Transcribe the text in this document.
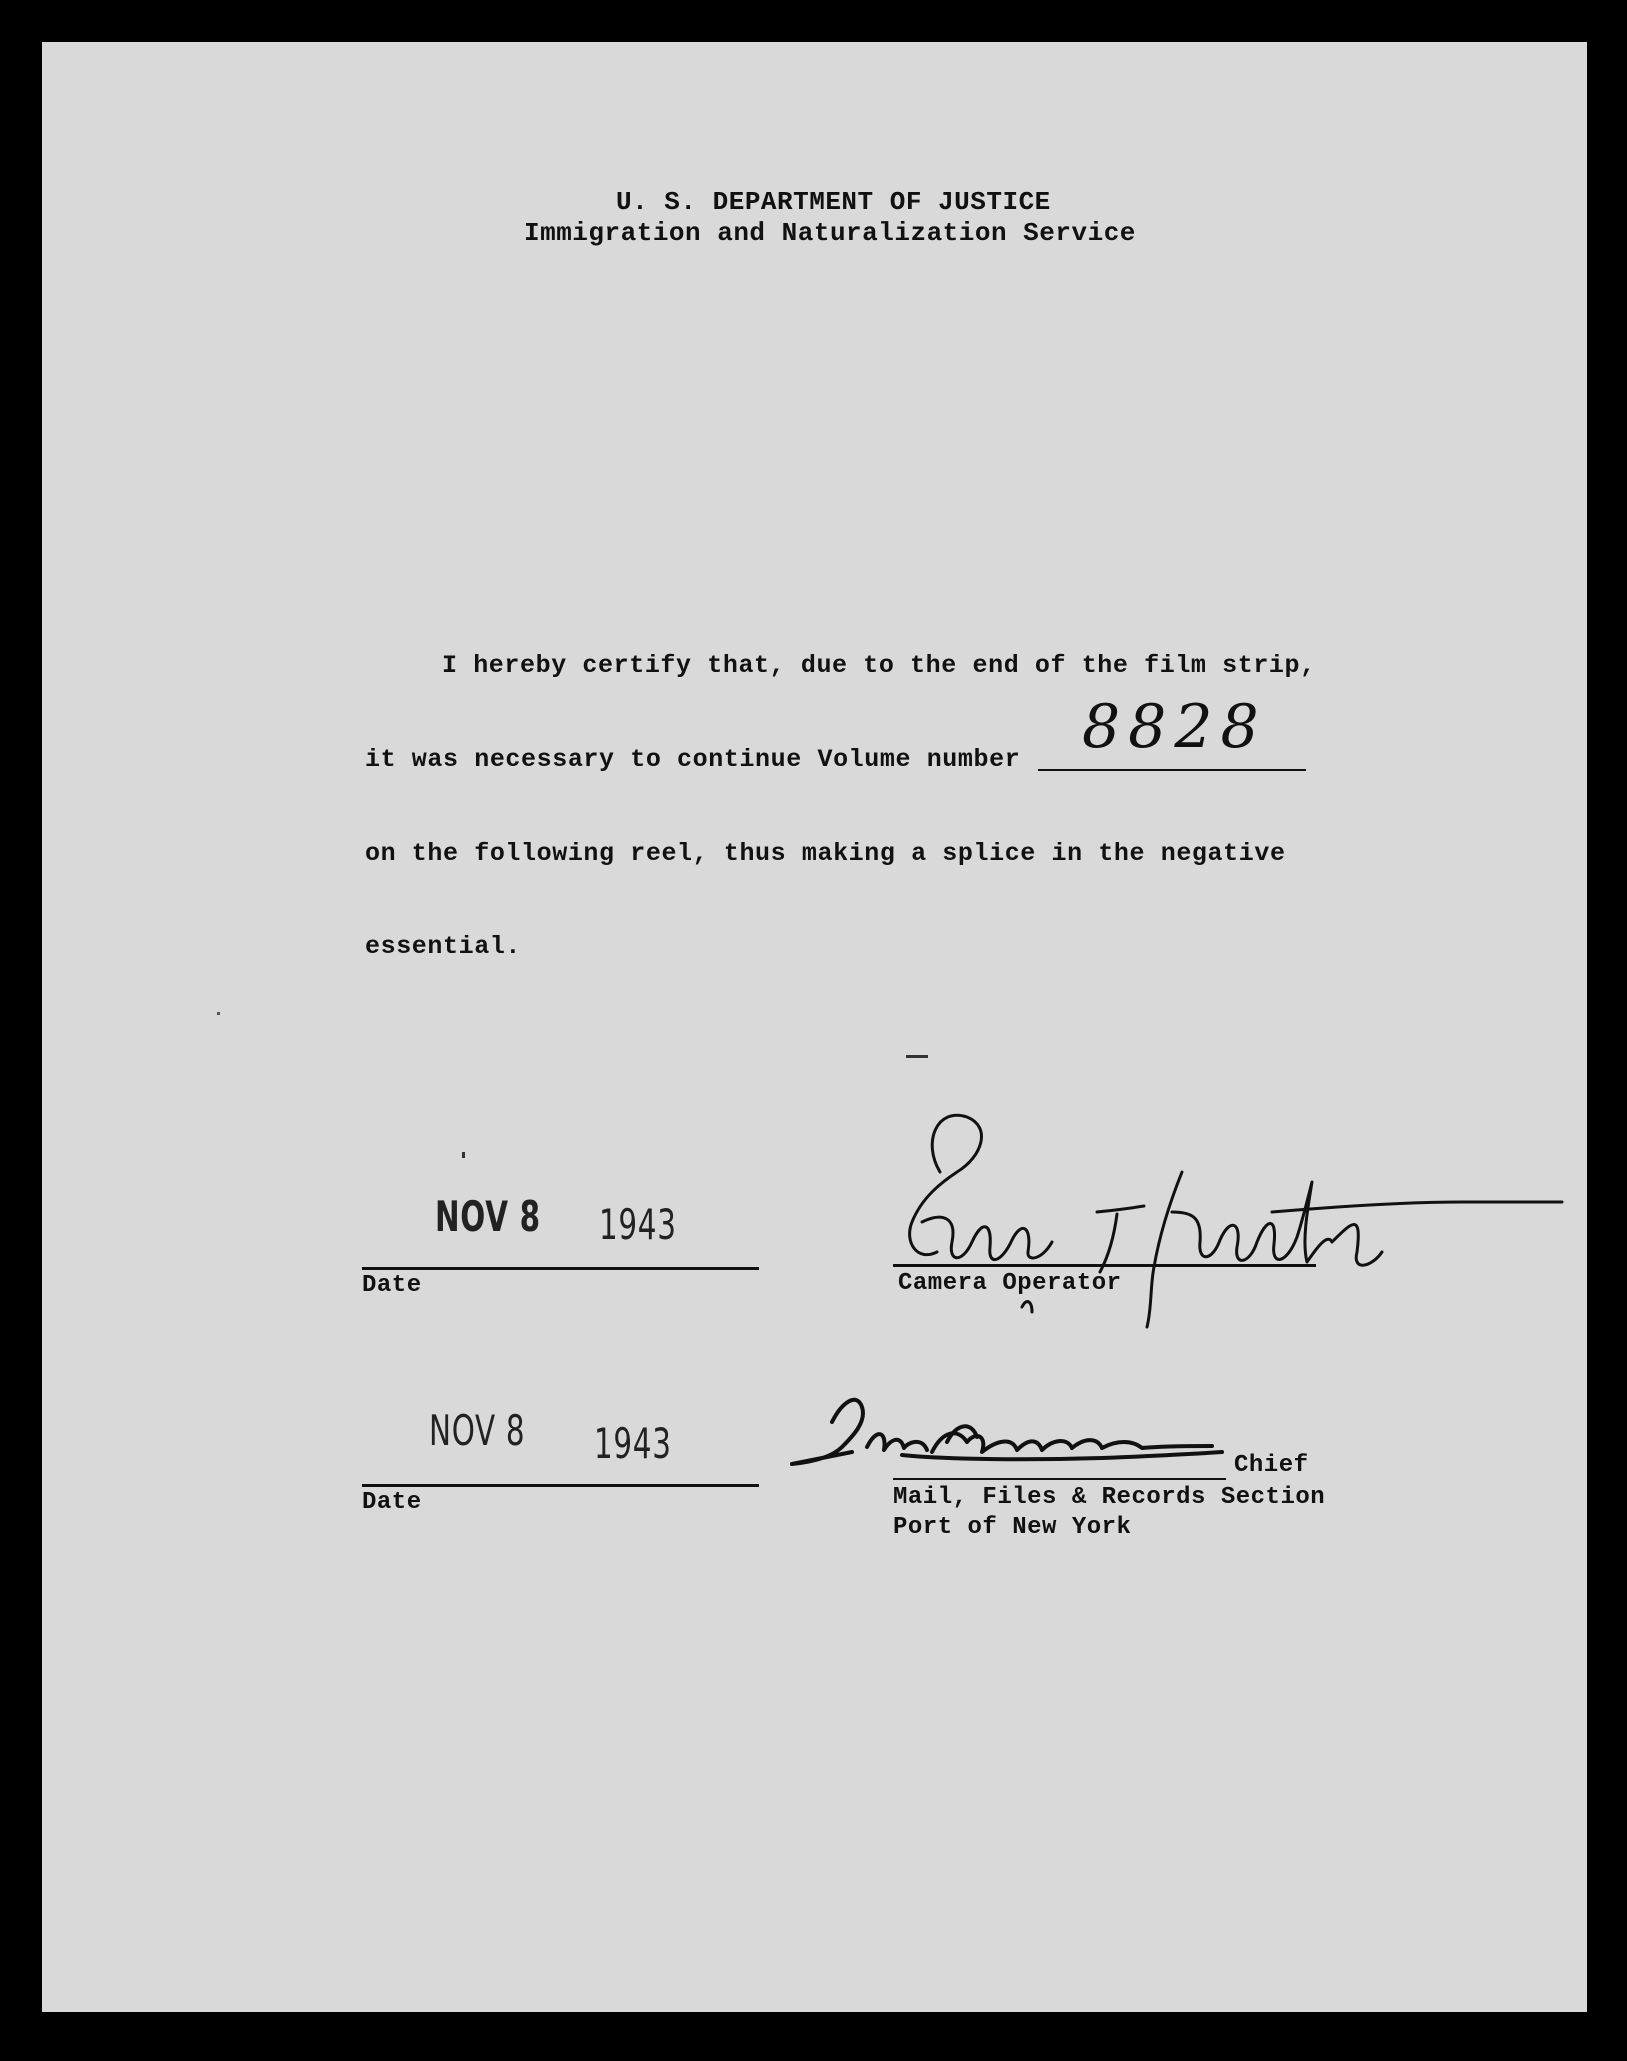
U. S. DEPARTMENT OF JUSTICE
Immigration and Naturalization Service
I hereby certify that, due to the end of the film strip,
it was necessary to continue Volume number 8828
on the following reel, thus making a splice in the negative
essential.
NOV 8 1943
Date	Camera Operator
NOV 8 1943
Date
Chief
Mail, Files & Records Section
Port of New York
